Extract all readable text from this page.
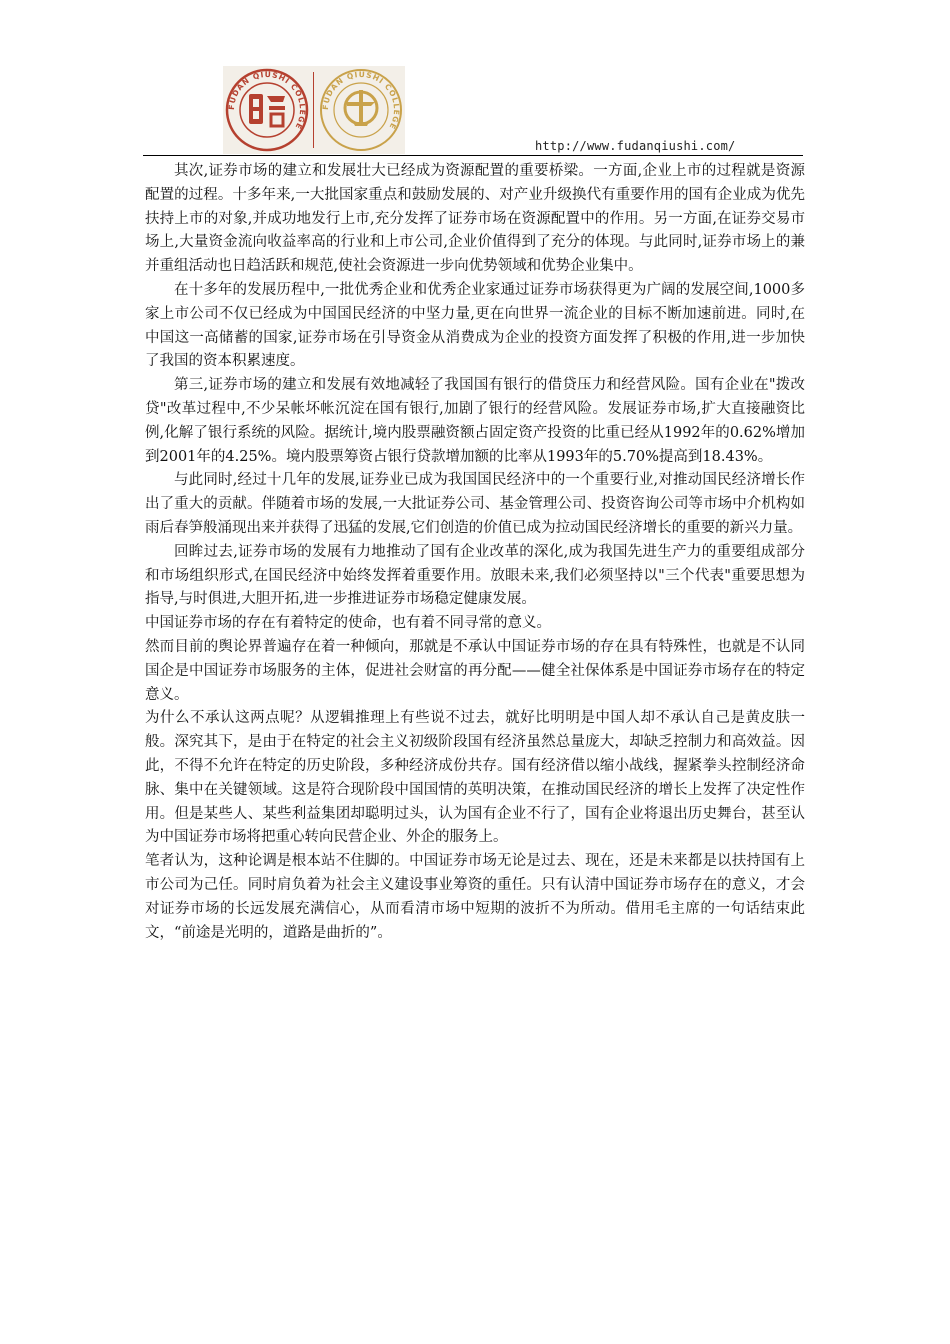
FUDAN QIUSHI COLLEGE
FUDAN QIUSHI COLLEGE
http://www.fudanqiushi.com/

其次,证券市场的建立和发展壮大已经成为资源配置的重要桥梁。一方面,企业上市的过程就是资源配置的过程。十多年来,一大批国家重点和鼓励发展的、对产业升级换代有重要作用的国有企业成为优先扶持上市的对象,并成功地发行上市,充分发挥了证券市场在资源配置中的作用。另一方面,在证券交易市场上,大量资金流向收益率高的行业和上市公司,企业价值得到了充分的体现。与此同时,证券市场上的兼并重组活动也日趋活跃和规范,使社会资源进一步向优势领域和优势企业集中。

在十多年的发展历程中,一批优秀企业和优秀企业家通过证券市场获得更为广阔的发展空间,1000多家上市公司不仅已经成为中国国民经济的中坚力量,更在向世界一流企业的目标不断加速前进。同时,在中国这一高储蓄的国家,证券市场在引导资金从消费成为企业的投资方面发挥了积极的作用,进一步加快了我国的资本积累速度。

第三,证券市场的建立和发展有效地减轻了我国国有银行的借贷压力和经营风险。国有企业在"拨改贷"改革过程中,不少呆帐坏帐沉淀在国有银行,加剧了银行的经营风险。发展证券市场,扩大直接融资比例,化解了银行系统的风险。据统计,境内股票融资额占固定资产投资的比重已经从1992年的0.62%增加到2001年的4.25%。境内股票筹资占银行贷款增加额的比率从1993年的5.70%提高到18.43%。

与此同时,经过十几年的发展,证券业已成为我国国民经济中的一个重要行业,对推动国民经济增长作出了重大的贡献。伴随着市场的发展,一大批证券公司、基金管理公司、投资咨询公司等市场中介机构如雨后春笋般涌现出来并获得了迅猛的发展,它们创造的价值已成为拉动国民经济增长的重要的新兴力量。

回眸过去,证券市场的发展有力地推动了国有企业改革的深化,成为我国先进生产力的重要组成部分和市场组织形式,在国民经济中始终发挥着重要作用。放眼未来,我们必须坚持以"三个代表"重要思想为指导,与时俱进,大胆开拓,进一步推进证券市场稳定健康发展。

中国证券市场的存在有着特定的使命，也有着不同寻常的意义。

然而目前的舆论界普遍存在着一种倾向，那就是不承认中国证券市场的存在具有特殊性，也就是不认同国企是中国证券市场服务的主体，促进社会财富的再分配——健全社保体系是中国证券市场存在的特定意义。

为什么不承认这两点呢？从逻辑推理上有些说不过去，就好比明明是中国人却不承认自己是黄皮肤一般。深究其下，是由于在特定的社会主义初级阶段国有经济虽然总量庞大，却缺乏控制力和高效益。因此，不得不允许在特定的历史阶段，多种经济成份共存。国有经济借以缩小战线，握紧拳头控制经济命脉、集中在关键领域。这是符合现阶段中国国情的英明决策，在推动国民经济的增长上发挥了决定性作用。但是某些人、某些利益集团却聪明过头，认为国有企业不行了，国有企业将退出历史舞台，甚至认为中国证券市场将把重心转向民营企业、外企的服务上。

笔者认为，这种论调是根本站不住脚的。中国证券市场无论是过去、现在，还是未来都是以扶持国有上市公司为己任。同时肩负着为社会主义建设事业筹资的重任。只有认清中国证券市场存在的意义，才会对证券市场的长远发展充满信心，从而看清市场中短期的波折不为所动。借用毛主席的一句话结束此文，“前途是光明的，道路是曲折的”。
